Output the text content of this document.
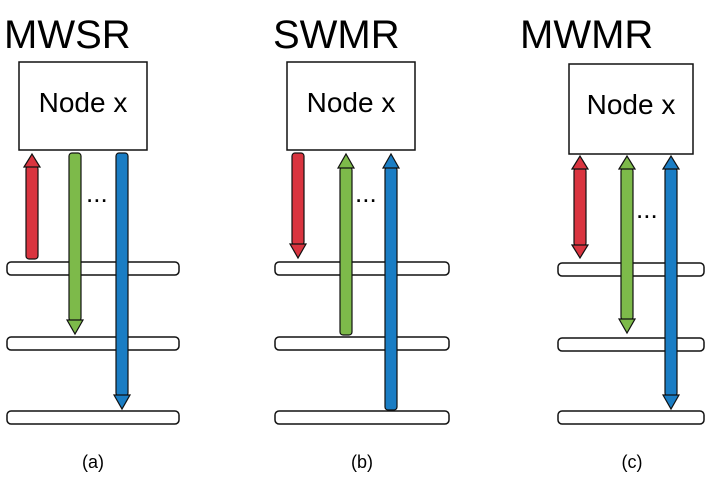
MWSR
Node x
...
(a)
SWMR
Node x
...
(b)
MWMR
Node x
...
(c)
